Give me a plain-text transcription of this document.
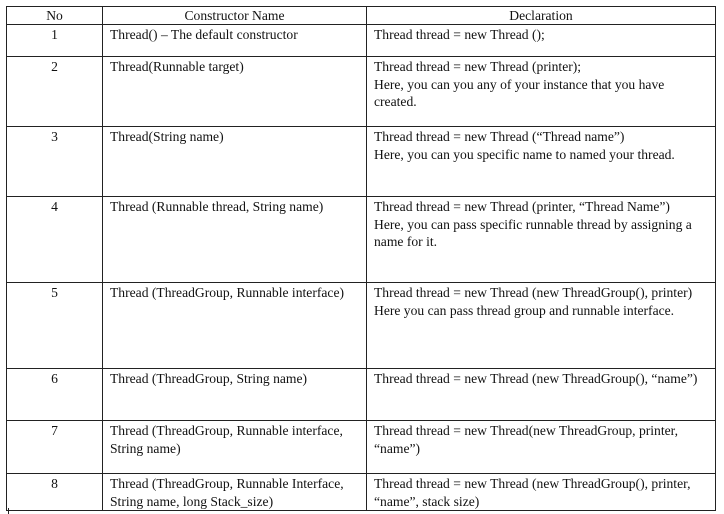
No	Constructor Name	Declaration
1	Thread() – The default constructor	Thread thread = new Thread ();

2	Thread(Runnable target)	Thread thread = new Thread (printer);
Here, you can you any of your instance that you have created.

3	Thread(String name)	Thread thread = new Thread (“Thread name”)
Here, you can you specific name to named your thread.

4	Thread (Runnable thread, String name)	Thread thread = new Thread (printer, “Thread Name”)
Here, you can pass specific runnable thread by assigning a name for it.

5	Thread (ThreadGroup, Runnable interface)	Thread thread = new Thread (new ThreadGroup(), printer)
Here you can pass thread group and runnable interface.

6	Thread (ThreadGroup, String name)	Thread thread = new Thread (new ThreadGroup(), “name”)

7	Thread (ThreadGroup, Runnable interface, String name)	Thread thread = new Thread(new ThreadGroup, printer, “name”)

8	Thread (ThreadGroup, Runnable Interface, String name, long Stack_size)	Thread thread = new Thread (new ThreadGroup(), printer, “name”, stack size)
